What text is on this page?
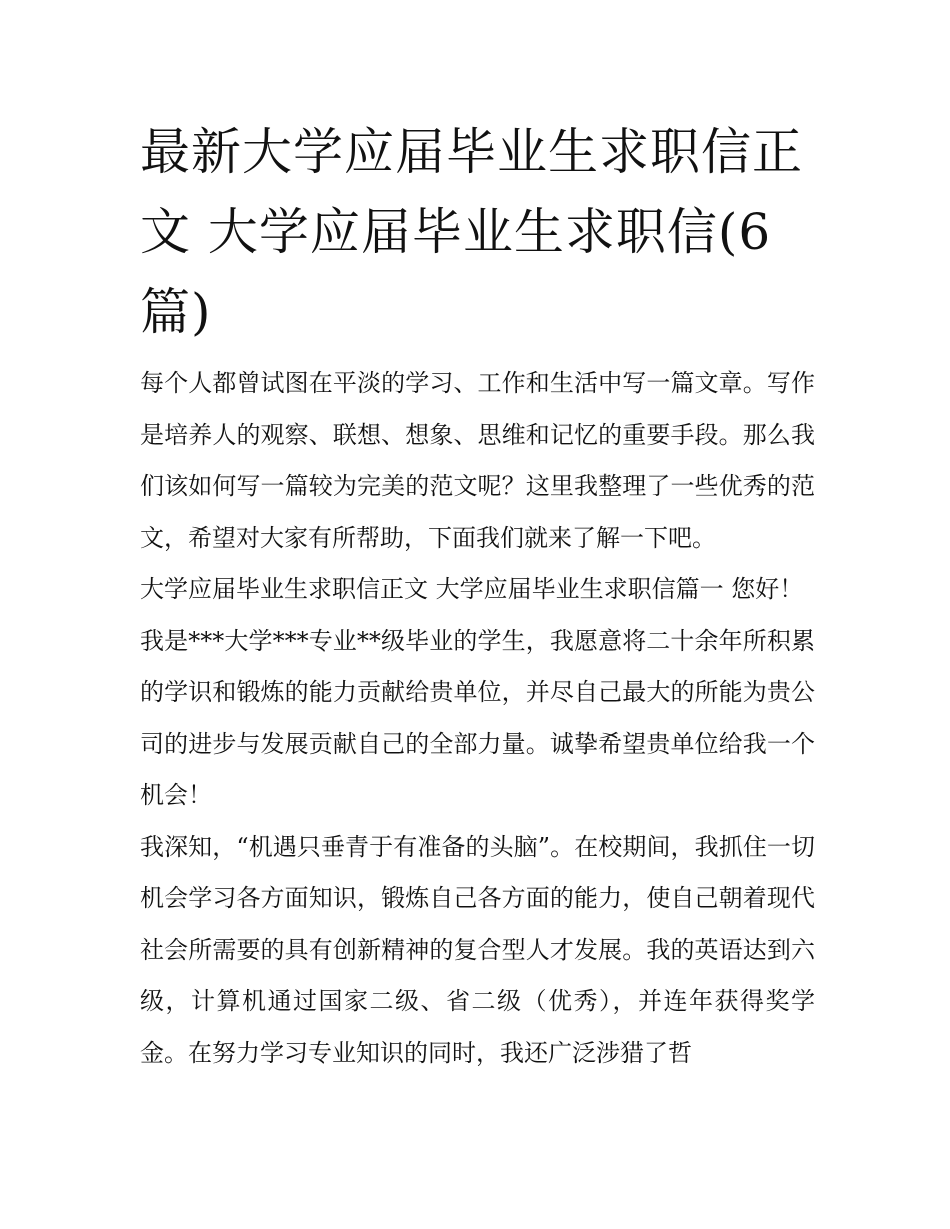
最新大学应届毕业生求职信正文 大学应届毕业生求职信(6篇)

每个人都曾试图在平淡的学习、工作和生活中写一篇文章。写作是培养人的观察、联想、想象、思维和记忆的重要手段。那么我们该如何写一篇较为完美的范文呢？这里我整理了一些优秀的范文，希望对大家有所帮助，下面我们就来了解一下吧。

大学应届毕业生求职信正文 大学应届毕业生求职信篇一 您好！

我是***大学***专业**级毕业的学生，我愿意将二十余年所积累的学识和锻炼的能力贡献给贵单位，并尽自己最大的所能为贵公司的进步与发展贡献自己的全部力量。诚挚希望贵单位给我一个机会！

我深知，“机遇只垂青于有准备的头脑”。在校期间，我抓住一切机会学习各方面知识，锻炼自己各方面的能力，使自己朝着现代社会所需要的具有创新精神的复合型人才发展。我的英语达到六级，计算机通过国家二级、省二级（优秀），并连年获得奖学金。在努力学习专业知识的同时，我还广泛涉猎了哲
